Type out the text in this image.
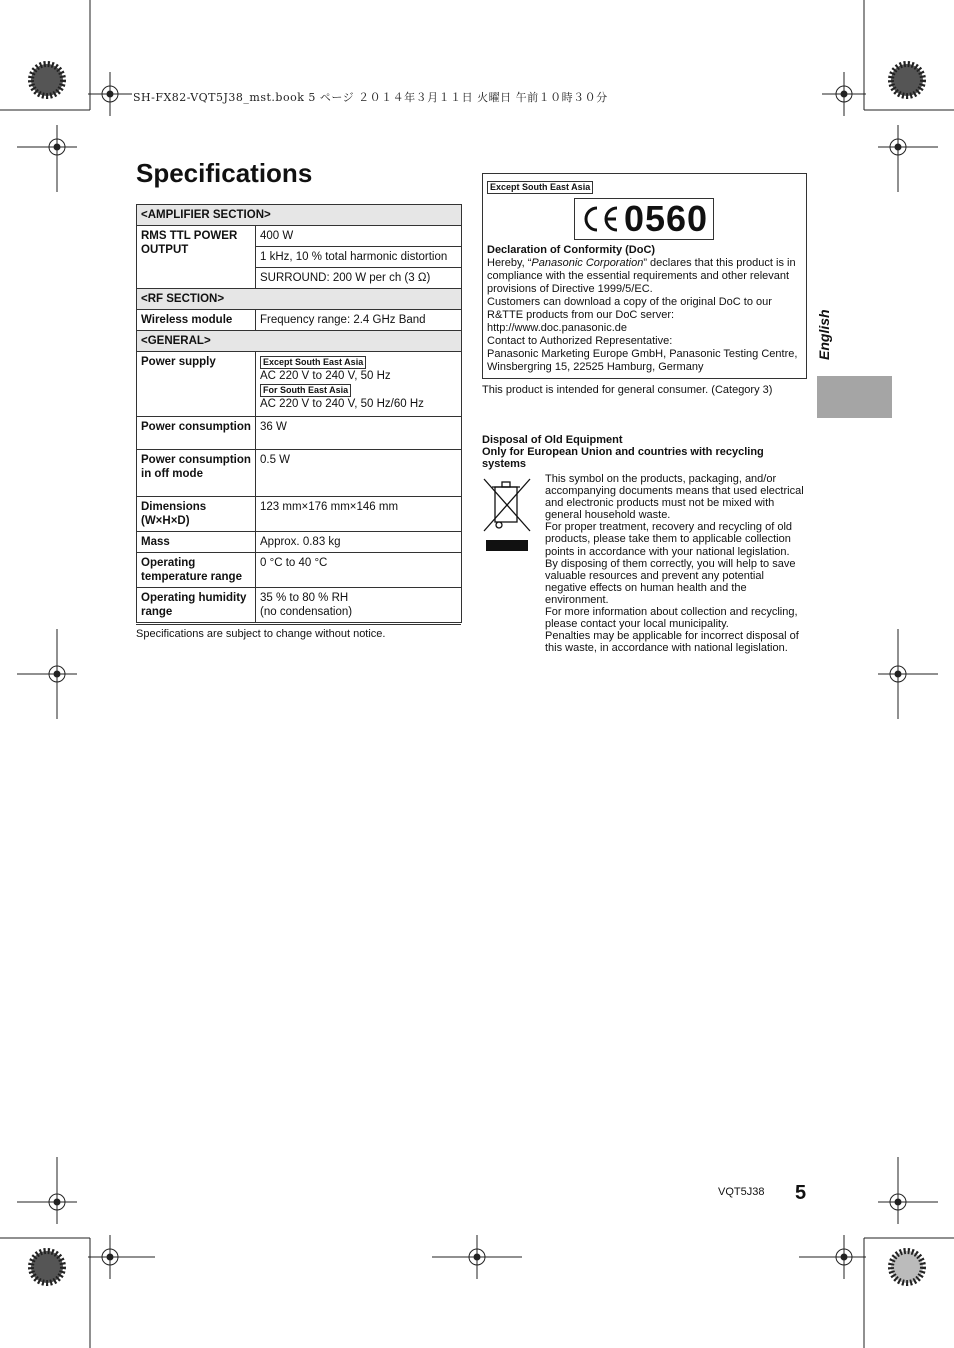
SH-FX82-VQT5J38_mst.book 5 ページ ２０１４年３月１１日 火曜日 午前１０時３０分
Specifications
<AMPLIFIER SECTION>	
RMS TTL POWER OUTPUT	400 W
	1 kHz, 10 % total harmonic distortion
	SURROUND: 200 W per ch (3 Ω)
<RF SECTION>	
Wireless module	Frequency range: 2.4 GHz Band
<GENERAL>	
Power supply	Except South East Asia
AC 220 V to 240 V, 50 Hz
For South East Asia
AC 220 V to 240 V, 50 Hz/60 Hz
Power consumption	36 W
Power consumption in off mode	0.5 W
Dimensions (W×H×D)	123 mm×176 mm×146 mm
Mass	Approx. 0.83 kg
Operating temperature range	0 °C to 40 °C
Operating humidity range	35 % to 80 % RH
(no condensation)
Specifications are subject to change without notice.
Except South East Asia
0560
Declaration of Conformity (DoC)
Hereby, “Panasonic Corporation” declares that this product is in compliance with the essential requirements and other relevant provisions of Directive 1999/5/EC.
Customers can download a copy of the original DoC to our R&TTE products from our DoC server:
http://www.doc.panasonic.de
Contact to Authorized Representative:
Panasonic Marketing Europe GmbH, Panasonic Testing Centre, Winsbergring 15, 22525 Hamburg, Germany
This product is intended for general consumer. (Category 3)
Disposal of Old Equipment
Only for European Union and countries with recycling systems
This symbol on the products, packaging, and/or accompanying documents means that used electrical and electronic products must not be mixed with general household waste.
For proper treatment, recovery and recycling of old products, please take them to applicable collection points in accordance with your national legislation.
By disposing of them correctly, you will help to save valuable resources and prevent any potential negative effects on human health and the environment.
For more information about collection and recycling, please contact your local municipality.
Penalties may be applicable for incorrect disposal of this waste, in accordance with national legislation.
English
VQT5J38 5
